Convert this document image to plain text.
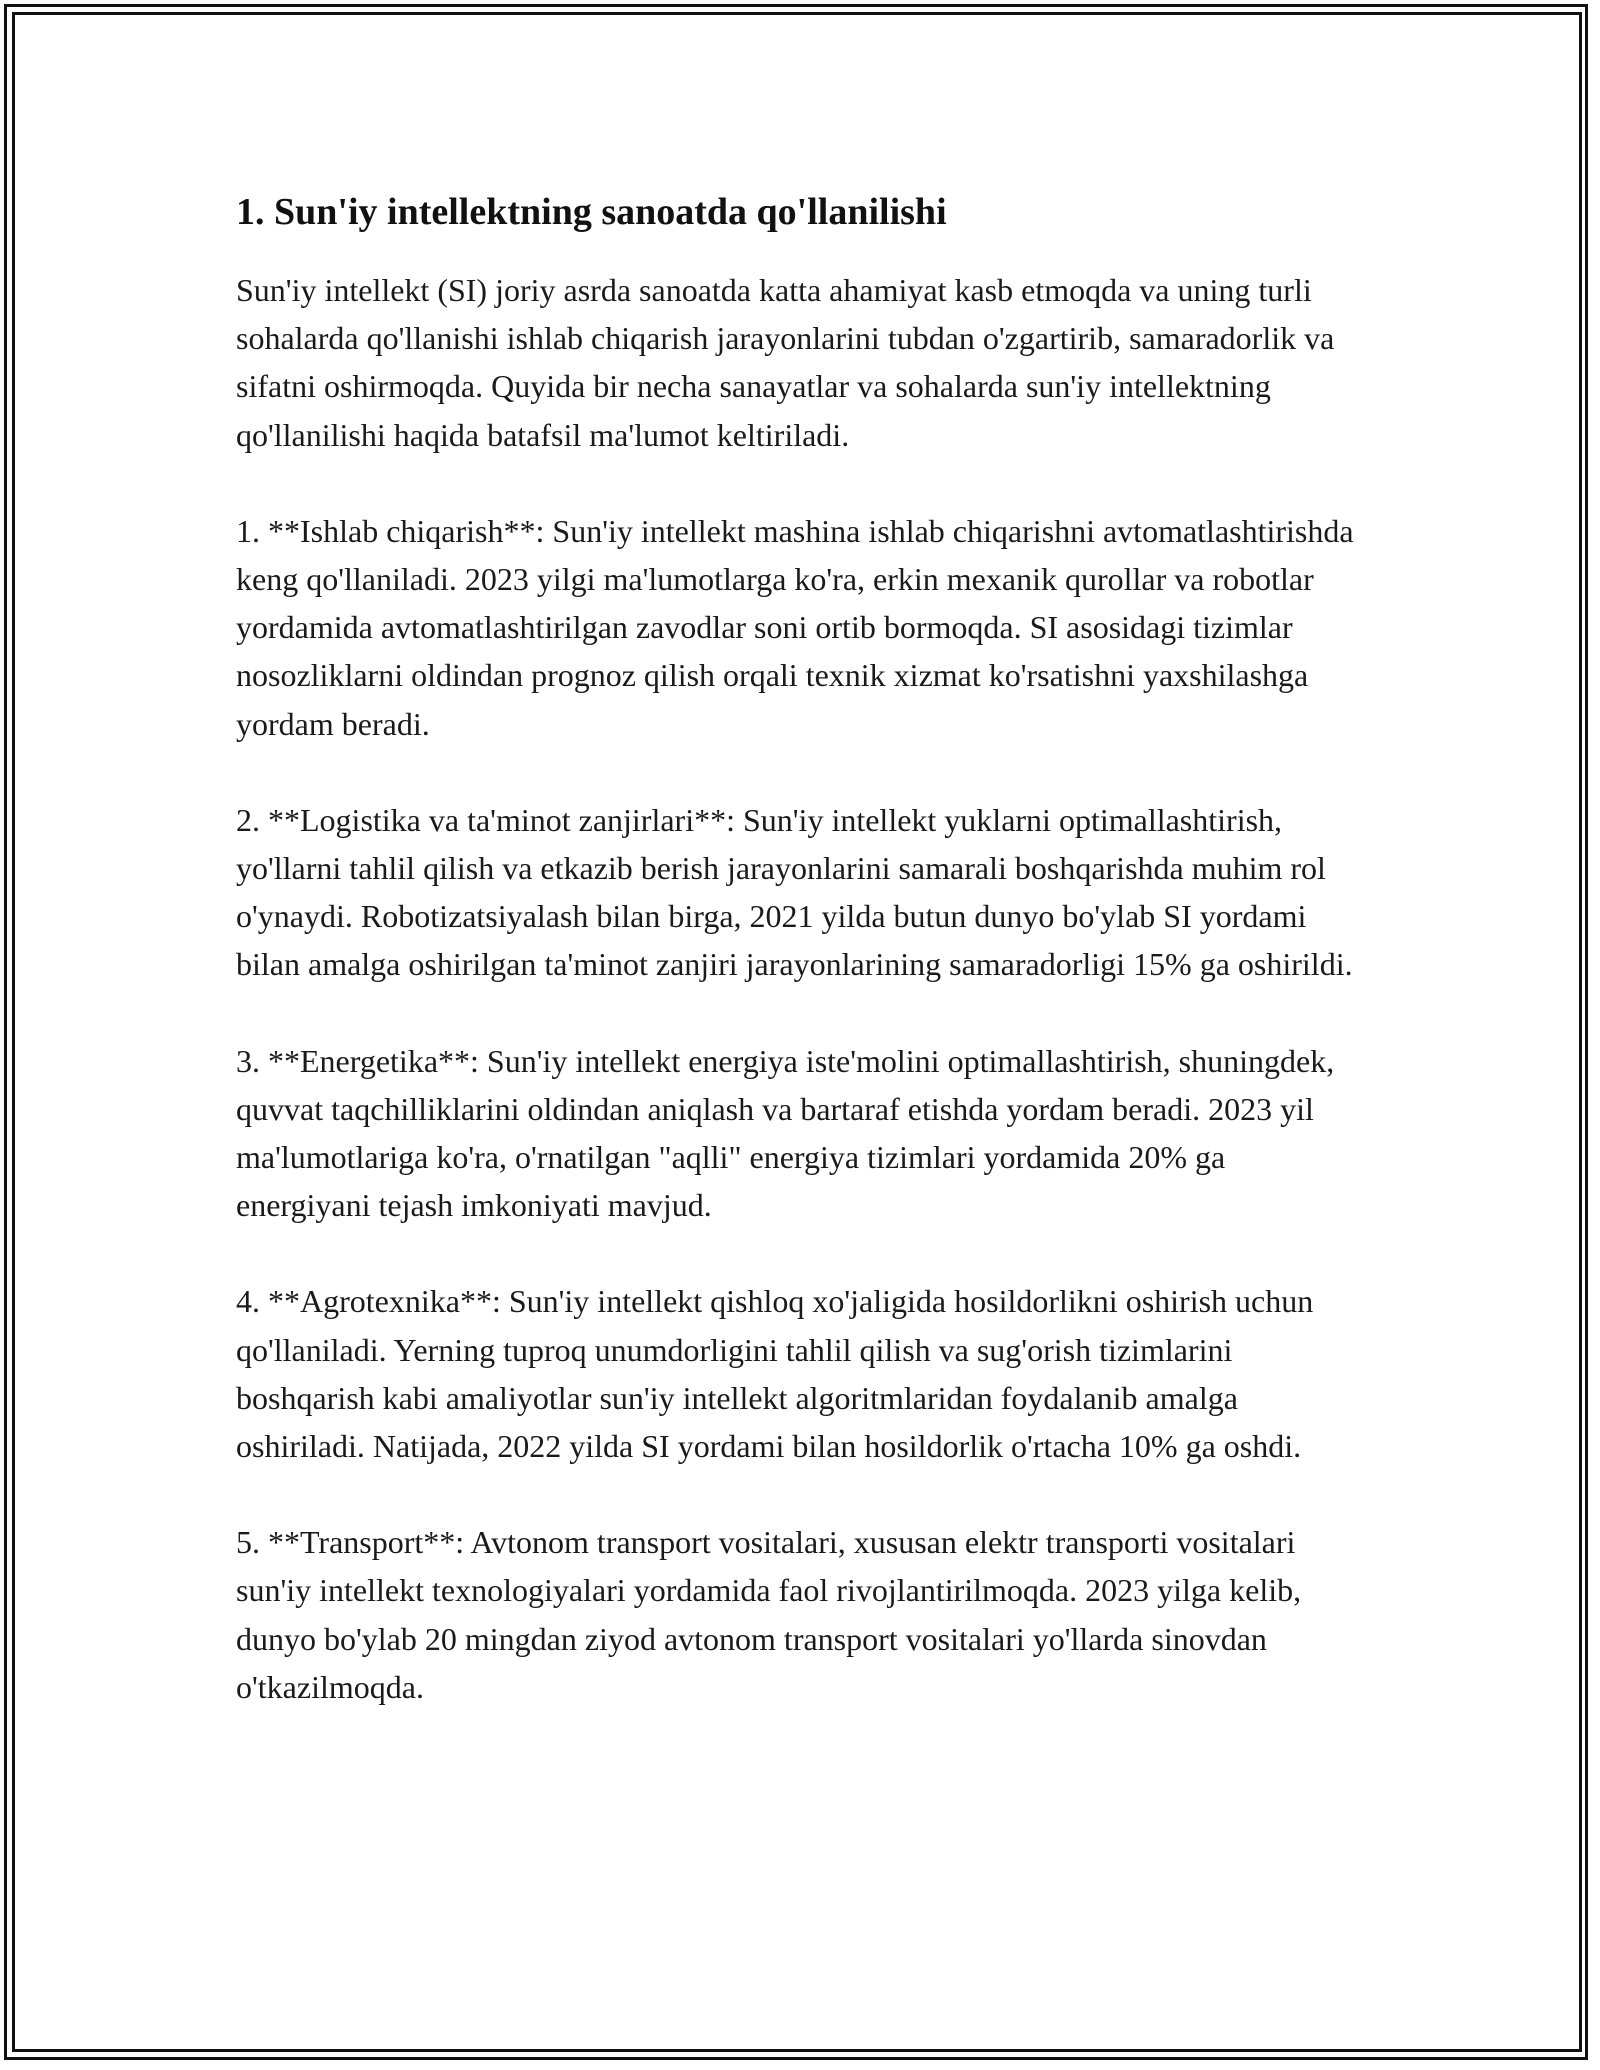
1. Sun'iy intellektning sanoatda qo'llanilishi

Sun'iy intellekt (SI) joriy asrda sanoatda katta ahamiyat kasb etmoqda va uning turli sohalarda qo'llanishi ishlab chiqarish jarayonlarini tubdan o'zgartirib, samaradorlik va sifatni oshirmoqda. Quyida bir necha sanayatlar va sohalarda sun'iy intellektning qo'llanilishi haqida batafsil ma'lumot keltiriladi.

1. **Ishlab chiqarish**: Sun'iy intellekt mashina ishlab chiqarishni avtomatlashtirishda keng qo'llaniladi. 2023 yilgi ma'lumotlarga ko'ra, erkin mexanik qurollar va robotlar yordamida avtomatlashtirilgan zavodlar soni ortib bormoqda. SI asosidagi tizimlar nosozliklarni oldindan prognoz qilish orqali texnik xizmat ko'rsatishni yaxshilashga yordam beradi.

2. **Logistika va ta'minot zanjirlari**: Sun'iy intellekt yuklarni optimallashtirish, yo'llarni tahlil qilish va etkazib berish jarayonlarini samarali boshqarishda muhim rol o'ynaydi. Robotizatsiyalash bilan birga, 2021 yilda butun dunyo bo'ylab SI yordami bilan amalga oshirilgan ta'minot zanjiri jarayonlarining samaradorligi 15% ga oshirildi.

3. **Energetika**: Sun'iy intellekt energiya iste'molini optimallashtirish, shuningdek, quvvat taqchilliklarini oldindan aniqlash va bartaraf etishda yordam beradi. 2023 yil ma'lumotlariga ko'ra, o'rnatilgan "aqlli" energiya tizimlari yordamida 20% ga energiyani tejash imkoniyati mavjud.

4. **Agrotexnika**: Sun'iy intellekt qishloq xo'jaligida hosildorlikni oshirish uchun qo'llaniladi. Yerning tuproq unumdorligini tahlil qilish va sug'orish tizimlarini boshqarish kabi amaliyotlar sun'iy intellekt algoritmlaridan foydalanib amalga oshiriladi. Natijada, 2022 yilda SI yordami bilan hosildorlik o'rtacha 10% ga oshdi.

5. **Transport**: Avtonom transport vositalari, xususan elektr transporti vositalari sun'iy intellekt texnologiyalari yordamida faol rivojlantirilmoqda. 2023 yilga kelib, dunyo bo'ylab 20 mingdan ziyod avtonom transport vositalari yo'llarda sinovdan o'tkazilmoqda.
